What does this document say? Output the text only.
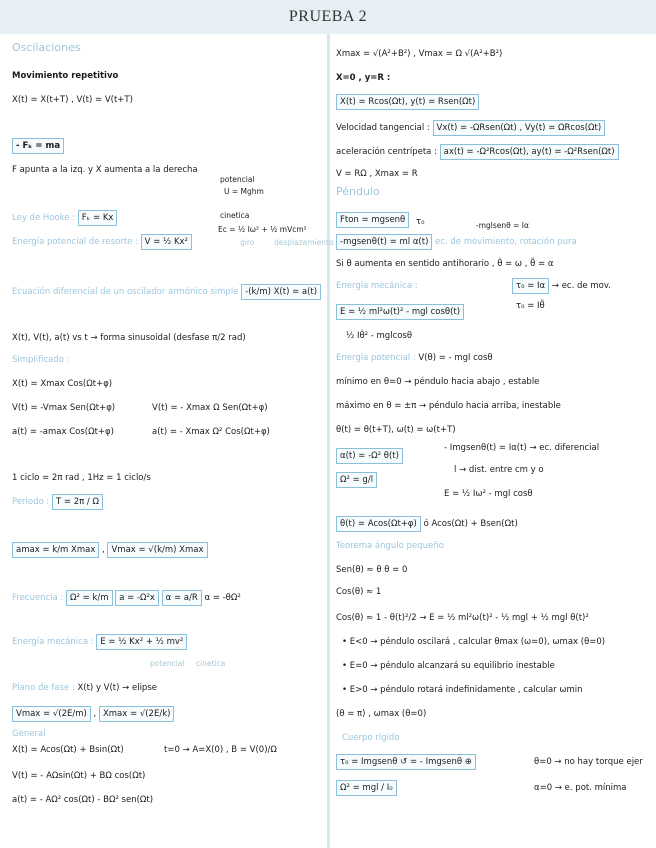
PRUEBA 2
Oscilaciones
Movimiento repetitivo
X(t) = X(t+T) , V(t) = V(t+T)
- Fₖ = ma
F apunta a la izq. y X aumenta a la derecha
potencial
U = Mghm
Ley de Hooke : Fₖ = Kx	cinetica
Energía potencial de resorte : V = ½ Kx²
Ec = ½ Iω² + ½ mVcm²
giro	desplazamiento
Ecuación diferencial de un oscilador armónico simple -(k/m) X(t) = a(t)
X(t), V(t), a(t) vs t → forma sinusoidal (desfase π/2 rad)
Simplificado :
X(t) = Xmax Cos(Ωt+φ)
V(t) = -Vmax Sen(Ωt+φ)	V(t) = - Xmax Ω Sen(Ωt+φ)
a(t) = -amax Cos(Ωt+φ)	a(t) = - Xmax Ω² Cos(Ωt+φ)
1 ciclo = 2π rad , 1Hz = 1 ciclo/s
Periodo : T = 2π / Ω
amax = k/m Xmax , Vmax = √(k/m) Xmax
Frecuencia : Ω² = k/m a = -Ω²x α = a/R α = -θΩ²
Energía mecánica : E = ½ Kx² + ½ mv²
potencial cinetica
Plano de fase : X(t) y V(t) → elipse
Vmax = √(2E/m) , Xmax = √(2E/k)
General
X(t) = Acos(Ωt) + Bsin(Ωt)	t=0 → A=X(0) , B = V(0)/Ω
V(t) = - AΩsin(Ωt) + BΩ cos(Ωt)
a(t) = - AΩ² cos(Ωt) - BΩ² sen(Ωt)
Xmax = √(A²+B²) , Vmax = Ω √(A²+B²)
X=0 , y=R :
X(t) = Rcos(Ωt), y(t) = Rsen(Ωt)
Velocidad tangencial : Vx(t) = -ΩRsen(Ωt) , Vy(t) = ΩRcos(Ωt)
aceleración centrípeta : ax(t) = -Ω²Rcos(Ωt), ay(t) = -Ω²Rsen(Ωt)
V = RΩ , Xmax = R
Péndulo
Fton = mgsenθ	τ₀	-mglsenθ = Iα
-mgsenθ(t) = ml α(t) ec. de movimiento, rotación pura
Si θ aumenta en sentido antihorario , θ̇ = ω , θ̈ = α
Energía mecánica :	τ₀ = Iα → ec. de mov.
E = ½ ml²ω(t)² - mgl cosθ(t)
τ₀ = Iθ̈
½ Iθ̇² - mglcosθ
Energía potencial : V(θ) = - mgl cosθ
mínimo en θ=0 → péndulo hacia abajo , estable
máximo en θ = ±π → péndulo hacia arriba, inestable
θ(t) = θ(t+T), ω(t) = ω(t+T)
α(t) = -Ω² θ(t)
- Imgsenθ(t) = Iα(t) → ec. diferencial
l → dist. entre cm y o
Ω² = g/l
E = ½ Iω² - mgl cosθ
θ(t) = Acos(Ωt+φ) ó Acos(Ωt) + Bsen(Ωt)
Teorema ángulo pequeño
Sen(θ) ≈ θ θ = 0
Cos(θ) ≈ 1
Cos(θ) ≈ 1 - θ(t)²/2 → E = ½ ml²ω(t)² - ½ mgl + ½ mgl θ(t)²
• E<0 → péndulo oscilará , calcular θmax (ω=0), ωmax (θ=0)
• E=0 → péndulo alcanzará su equilibrio inestable
• E>0 → péndulo rotará indefinidamente , calcular ωmin
(θ = π) , ωmax (θ=0)
Cuerpo rígido
τ₀ = Imgsenθ ↺ = - Imgsenθ ⊕	θ=0 → no hay torque ejer
Ω² = mgl / I₀	α=0 → e. pot. mínima
